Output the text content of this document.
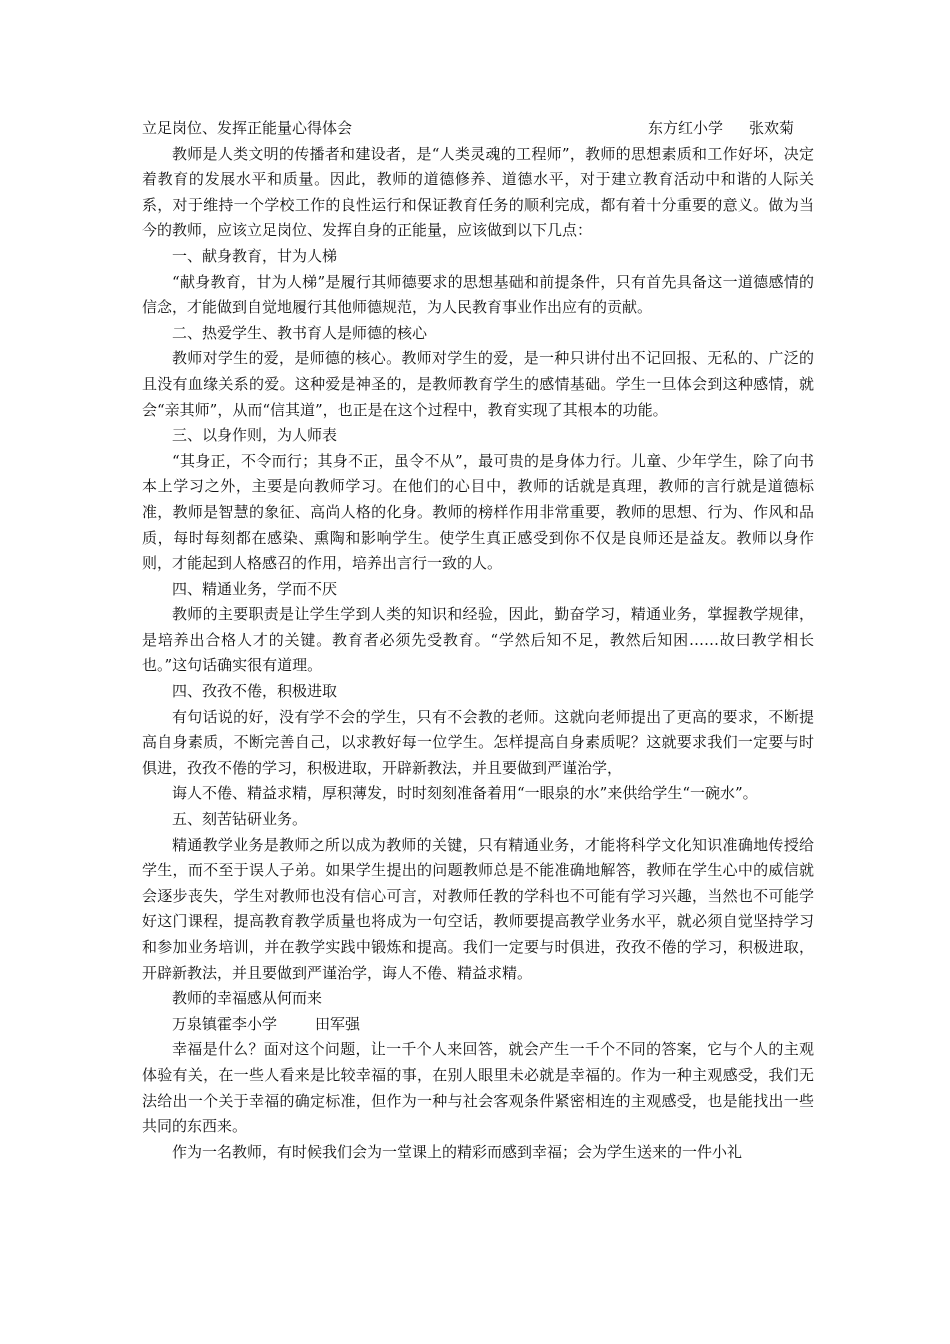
立足岗位、发挥正能量心得体会	东方红小学 张欢菊

教师是人类文明的传播者和建设者，是“人类灵魂的工程师”，教师的思想素质和工作好坏，决定着教育的发展水平和质量。因此，教师的道德修养、道德水平，对于建立教育活动中和谐的人际关系，对于维持一个学校工作的良性运行和保证教育任务的顺利完成，都有着十分重要的意义。做为当今的教师，应该立足岗位、发挥自身的正能量，应该做到以下几点：

一、献身教育，甘为人梯

“献身教育，甘为人梯”是履行其师德要求的思想基础和前提条件，只有首先具备这一道德感情的信念，才能做到自觉地履行其他师德规范，为人民教育事业作出应有的贡献。

二、热爱学生、教书育人是师德的核心

教师对学生的爱，是师德的核心。教师对学生的爱，是一种只讲付出不记回报、无私的、广泛的且没有血缘关系的爱。这种爱是神圣的，是教师教育学生的感情基础。学生一旦体会到这种感情，就会“亲其师”，从而“信其道”，也正是在这个过程中，教育实现了其根本的功能。

三、以身作则，为人师表

“其身正，不令而行；其身不正，虽令不从”，最可贵的是身体力行。儿童、少年学生，除了向书本上学习之外，主要是向教师学习。在他们的心目中，教师的话就是真理，教师的言行就是道德标准，教师是智慧的象征、高尚人格的化身。教师的榜样作用非常重要，教师的思想、行为、作风和品质，每时每刻都在感染、熏陶和影响学生。使学生真正感受到你不仅是良师还是益友。教师以身作则，才能起到人格感召的作用，培养出言行一致的人。

四、精通业务，学而不厌

教师的主要职责是让学生学到人类的知识和经验，因此，勤奋学习，精通业务，掌握教学规律，是培养出合格人才的关键。教育者必须先受教育。“学然后知不足，教然后知困……故曰教学相长也。”这句话确实很有道理。

四、孜孜不倦，积极进取

有句话说的好，没有学不会的学生，只有不会教的老师。这就向老师提出了更高的要求，不断提高自身素质，不断完善自己，以求教好每一位学生。怎样提高自身素质呢？这就要求我们一定要与时俱进，孜孜不倦的学习，积极进取，开辟新教法，并且要做到严谨治学，

诲人不倦、精益求精，厚积薄发，时时刻刻准备着用“一眼泉的水”来供给学生“一碗水”。

五、刻苦钻研业务。

精通教学业务是教师之所以成为教师的关键，只有精通业务，才能将科学文化知识准确地传授给学生，而不至于误人子弟。如果学生提出的问题教师总是不能准确地解答，教师在学生心中的威信就会逐步丧失，学生对教师也没有信心可言，对教师任教的学科也不可能有学习兴趣，当然也不可能学好这门课程，提高教育教学质量也将成为一句空话，教师要提高教学业务水平，就必须自觉坚持学习和参加业务培训，并在教学实践中锻炼和提高。我们一定要与时俱进，孜孜不倦的学习，积极进取，开辟新教法，并且要做到严谨治学，诲人不倦、精益求精。

教师的幸福感从何而来

万泉镇霍李小学	田军强

幸福是什么？面对这个问题，让一千个人来回答，就会产生一千个不同的答案，它与个人的主观体验有关，在一些人看来是比较幸福的事，在别人眼里未必就是幸福的。作为一种主观感受，我们无法给出一个关于幸福的确定标准，但作为一种与社会客观条件紧密相连的主观感受，也是能找出一些共同的东西来。

作为一名教师，有时候我们会为一堂课上的精彩而感到幸福；会为学生送来的一件小礼
